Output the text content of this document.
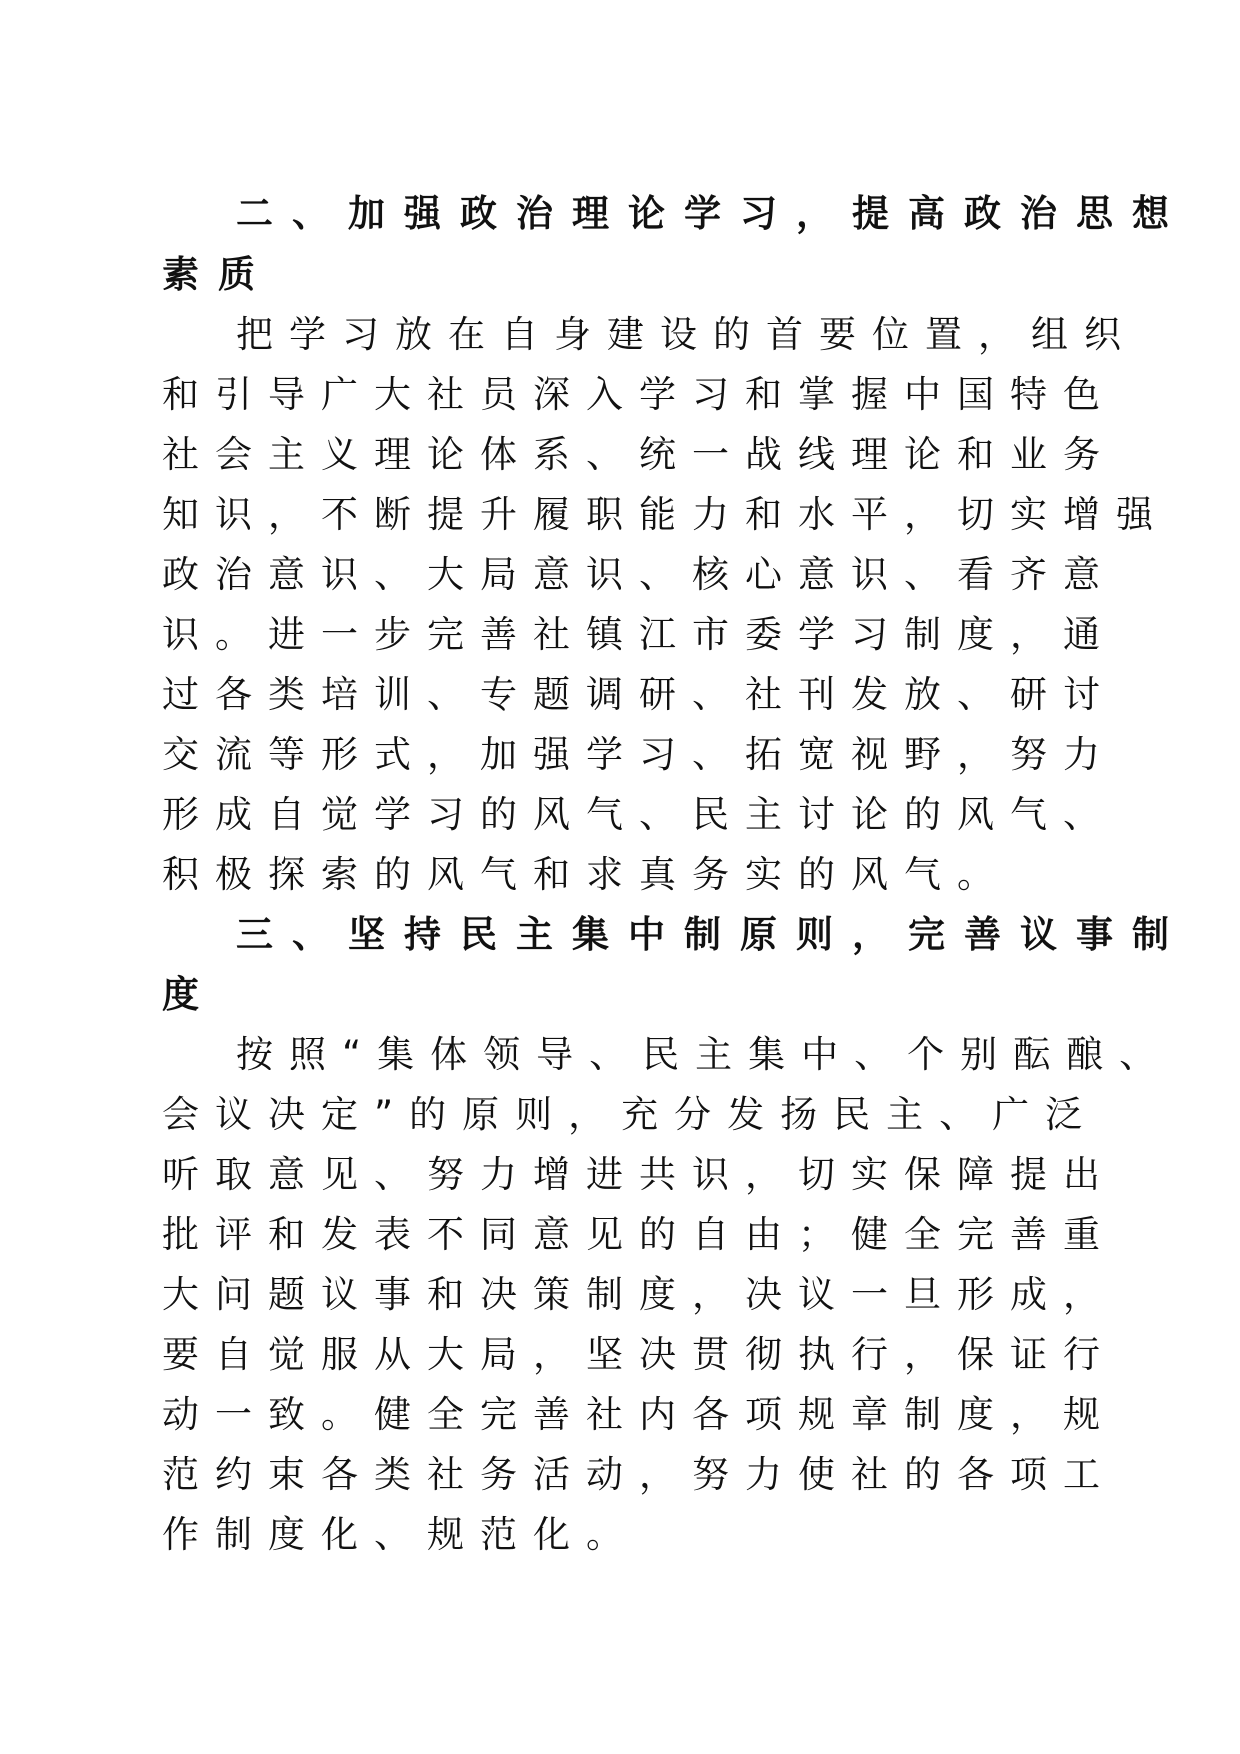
二、加强政治理论学习，提高政治思想
素质
把学习放在自身建设的首要位置，组织
和引导广大社员深入学习和掌握中国特色
社会主义理论体系、统一战线理论和业务
知识，不断提升履职能力和水平，切实增强
政治意识、大局意识、核心意识、看齐意
识。进一步完善社镇江市委学习制度，通
过各类培训、专题调研、社刊发放、研讨
交流等形式，加强学习、拓宽视野，努力
形成自觉学习的风气、民主讨论的风气、
积极探索的风气和求真务实的风气。
三、坚持民主集中制原则，完善议事制
度
按照“集体领导、民主集中、个别酝酿、
会议决定”的原则，充分发扬民主、广泛
听取意见、努力增进共识，切实保障提出
批评和发表不同意见的自由；健全完善重
大问题议事和决策制度，决议一旦形成，
要自觉服从大局，坚决贯彻执行，保证行
动一致。健全完善社内各项规章制度，规
范约束各类社务活动，努力使社的各项工
作制度化、规范化。
